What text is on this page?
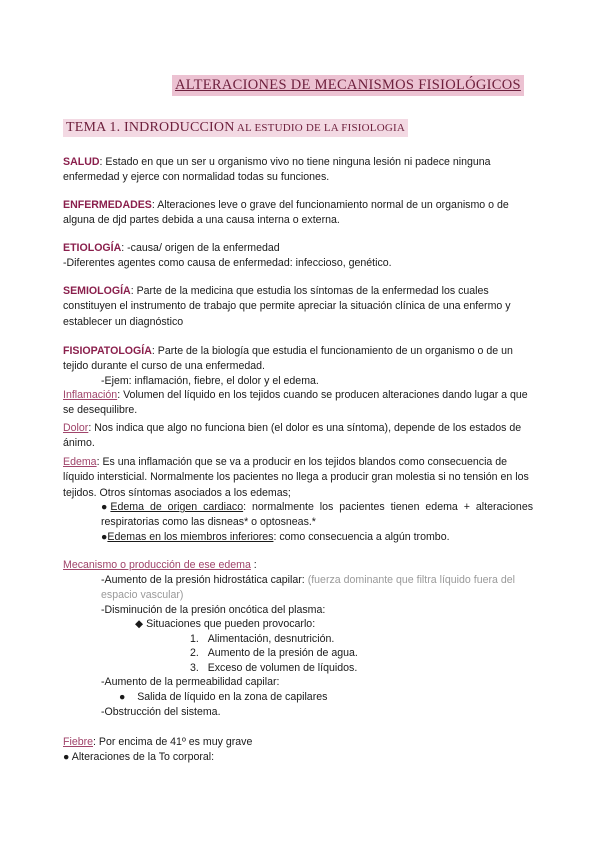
ALTERACIONES DE MECANISMOS FISIOLÓGICOS
TEMA 1. INDRODUCCION AL ESTUDIO DE LA FISIOLOGIA

SALUD: Estado en que un ser u organismo vivo no tiene ninguna lesión ni padece ninguna enfermedad y ejerce con normalidad todas su funciones.

ENFERMEDADES: Alteraciones leve o grave del funcionamiento normal de un organismo o de alguna de djd partes debida a una causa interna o externa.

ETIOLOGÍA: -causa/ origen de la enfermedad
-Diferentes agentes como causa de enfermedad: infeccioso, genético.

SEMIOLOGÍA: Parte de la medicina que estudia los síntomas de la enfermedad los cuales constituyen el instrumento de trabajo que permite apreciar la situación clínica de una enfermo y establecer un diagnóstico

FISIOPATOLOGÍA: Parte de la biología que estudia el funcionamiento de un organismo o de un tejido durante el curso de una enfermedad.

-Ejem: inflamación, fiebre, el dolor y el edema.

Inflamación: Volumen del líquido en los tejidos cuando se producen alteraciones dando lugar a que se desequilibre.

Dolor: Nos indica que algo no funciona bien (el dolor es una síntoma), depende de los estados de ánimo.

Edema: Es una inflamación que se va a producir en los tejidos blandos como consecuencia de líquido intersticial. Normalmente los pacientes no llega a producir gran molestia si no tensión en los tejidos. Otros síntomas asociados a los edemas;

●Edema de origen cardiaco: normalmente los pacientes tienen edema + alteraciones respiratorias como las disneas* o optosneas.*

●Edemas en los miembros inferiores: como consecuencia a algún trombo.

Mecanismo o producción de ese edema :

-Aumento de la presión hidrostática capilar: (fuerza dominante que filtra líquido fuera del espacio vascular)

-Disminución de la presión oncótica del plasma:

◆ Situaciones que pueden provocarlo:

1. Alimentación, desnutrición.

2. Aumento de la presión de agua.

3. Exceso de volumen de líquidos.

-Aumento de la permeabilidad capilar:

● Salida de líquido en la zona de capilares

-Obstrucción del sistema.

Fiebre: Por encima de 41º es muy grave

● Alteraciones de la To corporal:
